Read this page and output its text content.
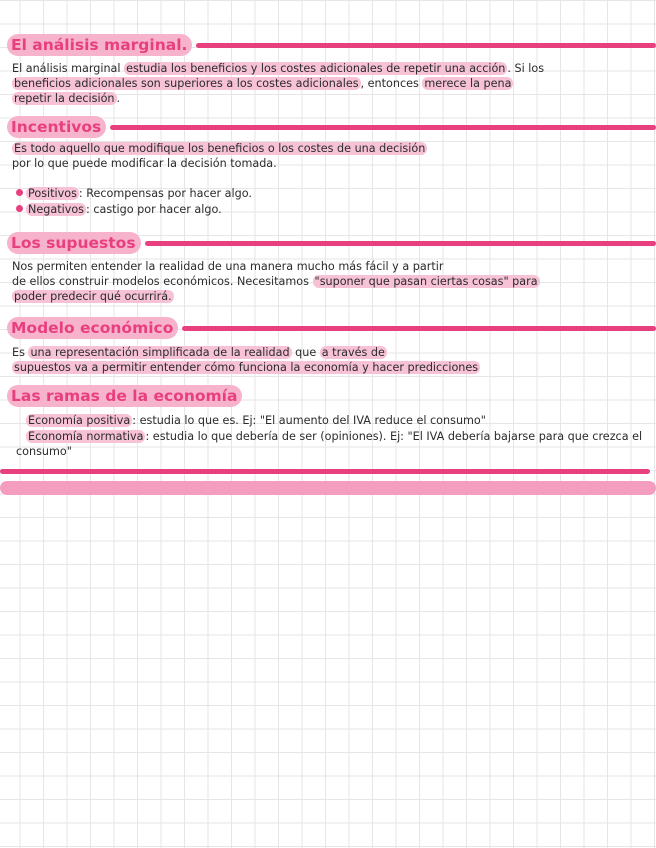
El análisis marginal.
El análisis marginal estudia los beneficios y los costes adicionales de repetir una acción . Si los
beneficios adicionales son superiores a los costes adicionales , entonces merece la pena
repetir la decisión .
Incentivos
Es todo aquello que modifique los beneficios o los costes de una decisión
por lo que puede modificar la decisión tomada.
Positivos : Recompensas por hacer algo.
Negativos : castigo por hacer algo.
Los supuestos
Nos permiten entender la realidad de una manera mucho más fácil y a partir
de ellos construir modelos económicos. Necesitamos "suponer que pasan ciertas cosas" para
poder predecir qué ocurrirá.
Modelo económico
Es una representación simplificada de la realidad que a través de
supuestos va a permitir entender cómo funciona la economía y hacer predicciones
Las ramas de la economía
Economía positiva : estudia lo que es. Ej: "El aumento del IVA reduce el consumo"
Economía normativa : estudia lo que debería de ser (opiniones). Ej: "El IVA debería bajarse para que crezca el
consumo"
